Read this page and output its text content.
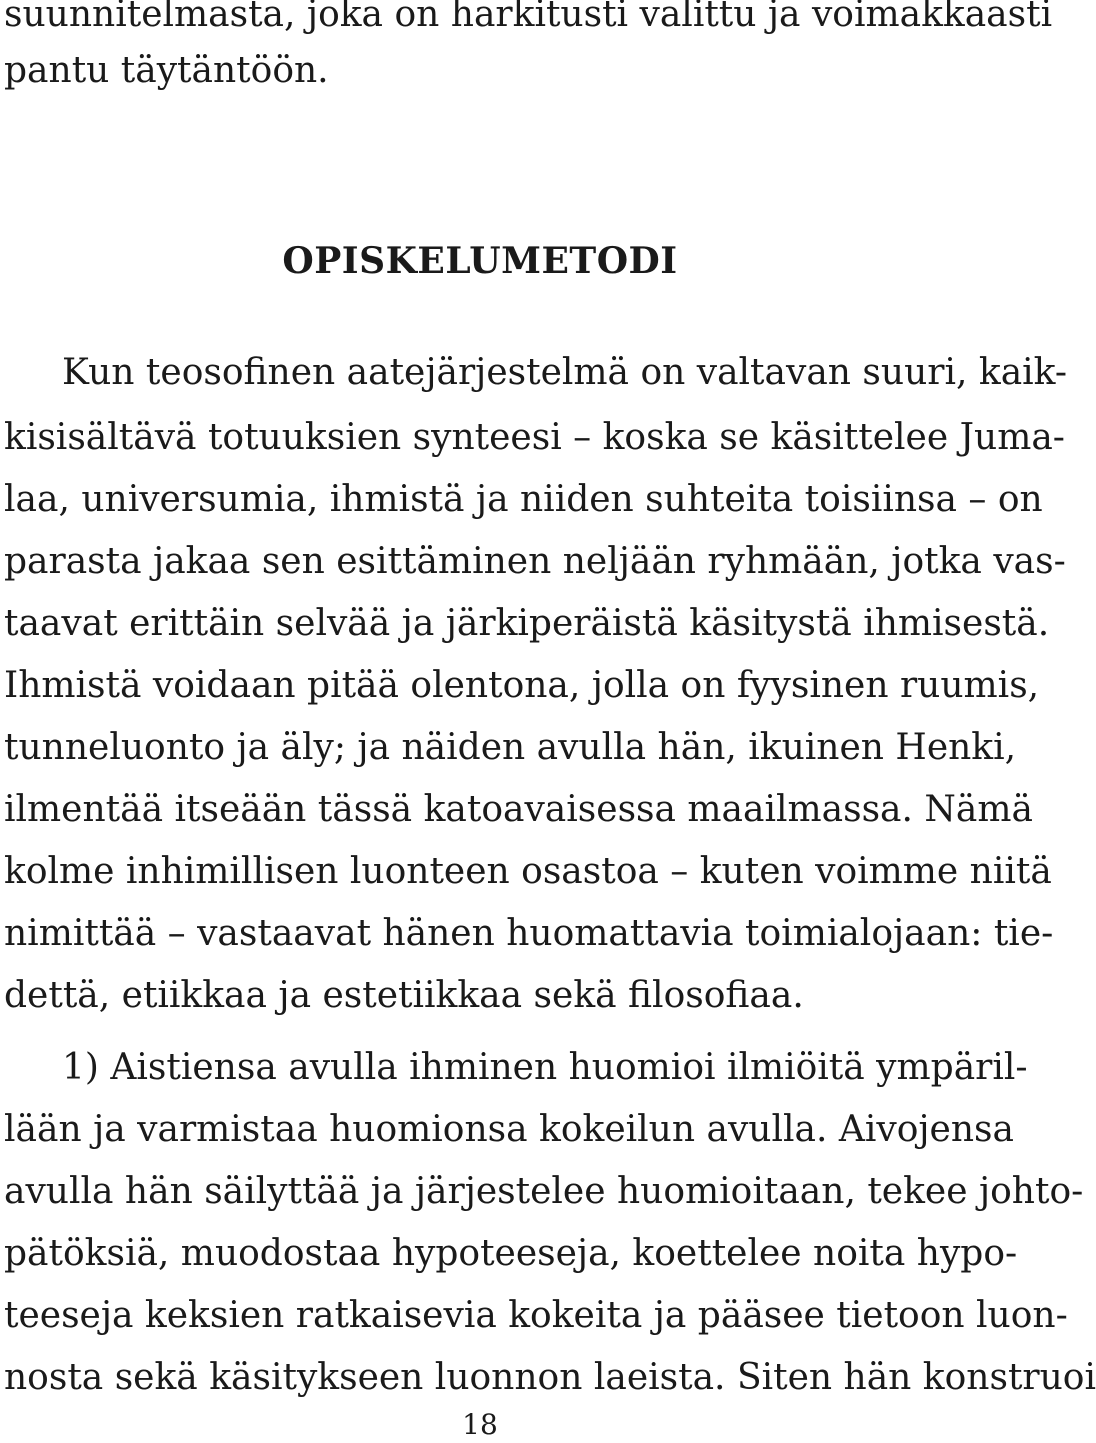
suunnitelmasta, joka on harkitusti valittu ja voimakkaasti
pantu täytäntöön.
OPISKELUMETODI
Kun teosofinen aatejärjestelmä on valtavan suuri, kaik-
kisisältävä totuuksien synteesi – koska se käsittelee Juma-
laa, universumia, ihmistä ja niiden suhteita toisiinsa – on
parasta jakaa sen esittäminen neljään ryhmään, jotka vas-
taavat erittäin selvää ja järkiperäistä käsitystä ihmisestä.
Ihmistä voidaan pitää olentona, jolla on fyysinen ruumis,
tunneluonto ja äly; ja näiden avulla hän, ikuinen Henki,
ilmentää itseään tässä katoavaisessa maailmassa. Nämä
kolme inhimillisen luonteen osastoa – kuten voimme niitä
nimittää – vastaavat hänen huomattavia toimialojaan: tie-
dettä, etiikkaa ja estetiikkaa sekä filosofiaa.
1) Aistiensa avulla ihminen huomioi ilmiöitä ympäril-
lään ja varmistaa huomionsa kokeilun avulla. Aivojensa
avulla hän säilyttää ja järjestelee huomioitaan, tekee johto-
pätöksiä, muodostaa hypoteeseja, koettelee noita hypo-
teeseja keksien ratkaisevia kokeita ja pääsee tietoon luon-
nosta sekä käsitykseen luonnon laeista. Siten hän konstruoi
18
